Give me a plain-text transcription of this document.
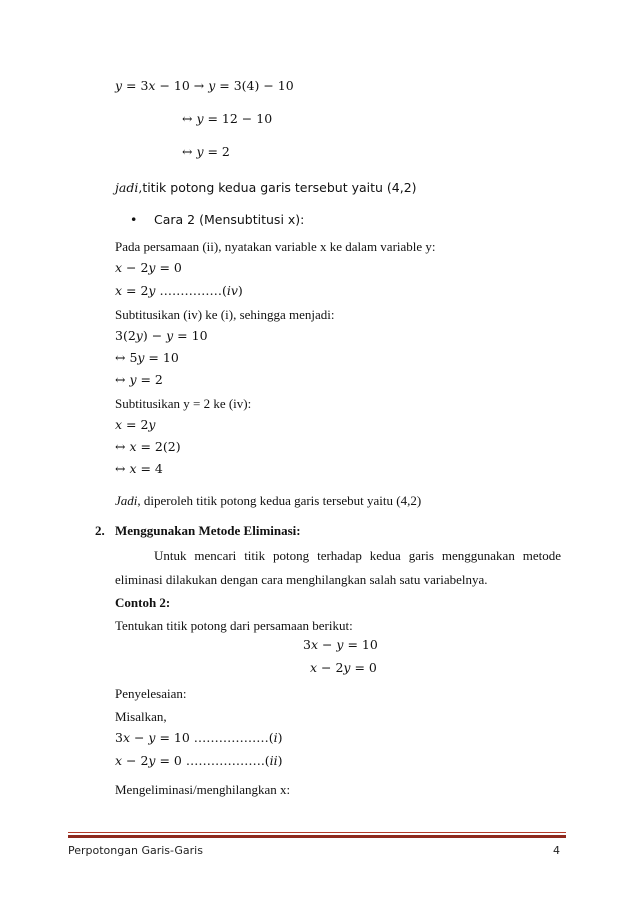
𝑦 = 3𝑥 − 10 → 𝑦 = 3(4) − 10
↔ 𝑦 = 12 − 10
↔ 𝑦 = 2
𝑗𝑎𝑑𝑖,titik potong kedua garis tersebut yaitu (4,2)
• Cara 2 (Mensubtitusi x):
Pada persamaan (ii), nyatakan variable x ke dalam variable y:
𝑥 − 2𝑦 = 0
𝑥 = 2𝑦 ……………(𝑖𝑣)
Subtitusikan (iv) ke (i), sehingga menjadi:
3(2𝑦) − 𝑦 = 10
↔ 5𝑦 = 10
↔ 𝑦 = 2
Subtitusikan y = 2 ke (iv):
𝑥 = 2𝑦
↔ 𝑥 = 2(2)
↔ 𝑥 = 4
Jadi, diperoleh titik potong kedua garis tersebut yaitu (4,2)
2. Menggunakan Metode Eliminasi:
Untuk mencari titik potong terhadap kedua garis menggunakan metode
eliminasi dilakukan dengan cara menghilangkan salah satu variabelnya.
Contoh 2:
Tentukan titik potong dari persamaan berikut:
3𝑥 − 𝑦 = 10
𝑥 − 2𝑦 = 0
Penyelesaian:
Misalkan,
3𝑥 − 𝑦 = 10 ………………(𝑖)
𝑥 − 2𝑦 = 0 ……………….(𝑖𝑖)
Mengeliminasi/menghilangkan x:
Perpotongan Garis-Garis	4
